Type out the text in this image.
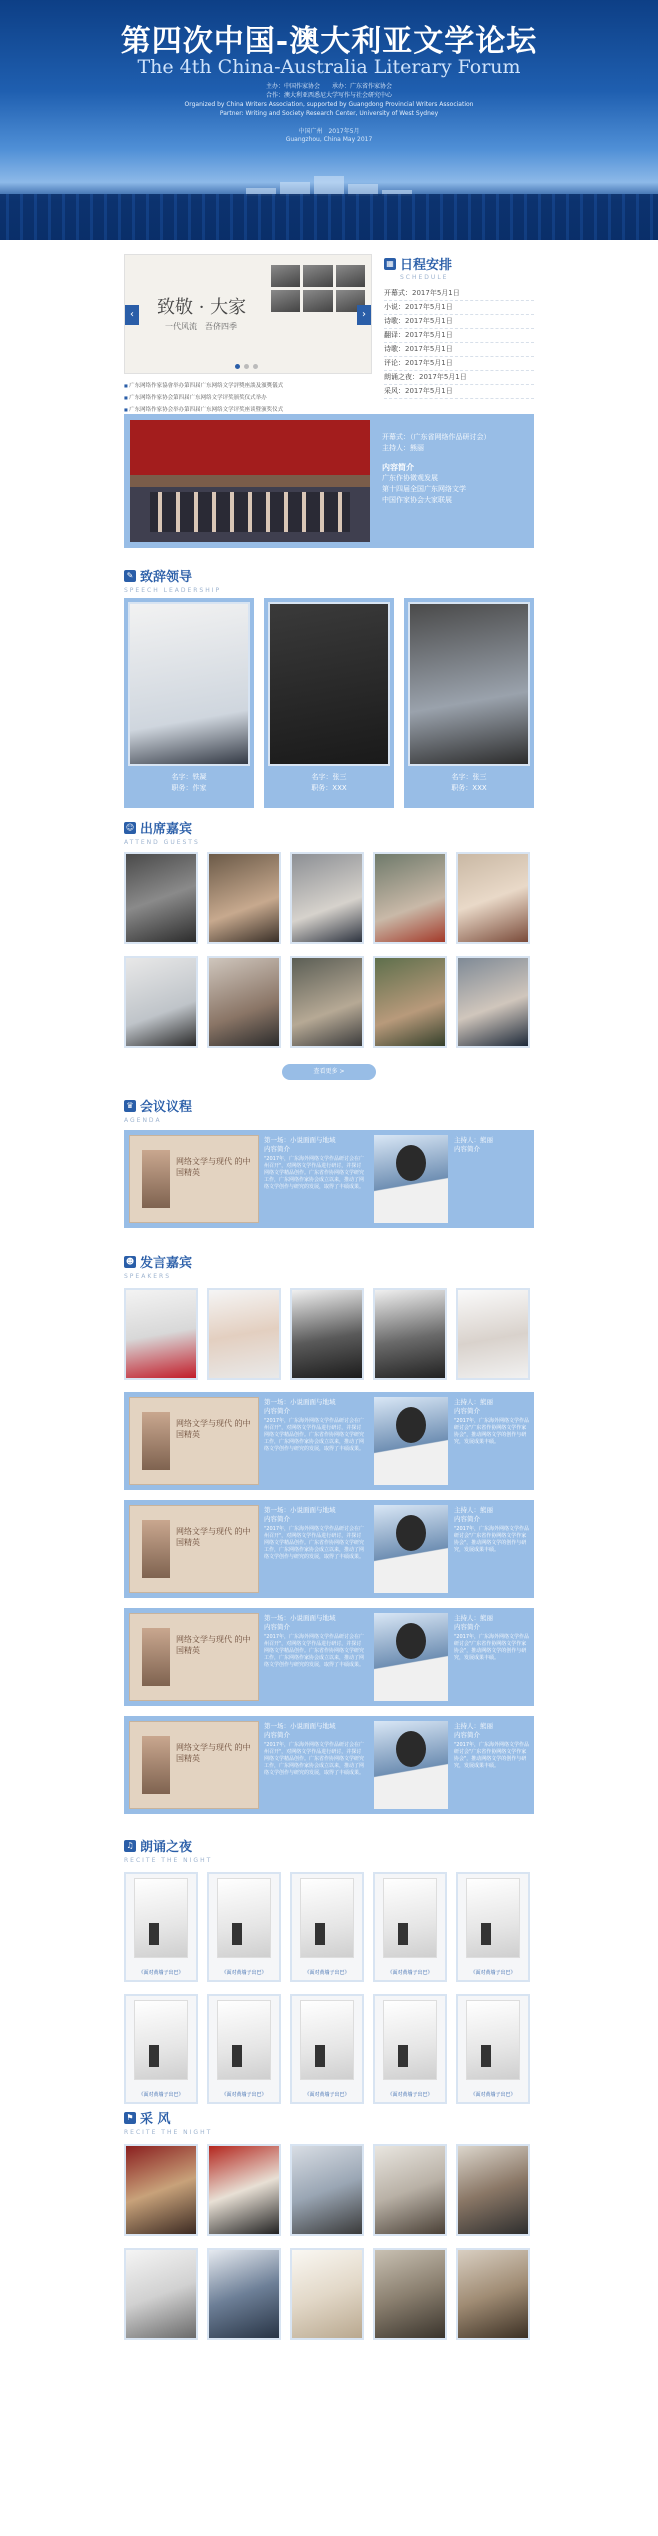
第四次中国-澳大利亚文学论坛
The 4th China-Australia Literary Forum
主办：中国作家协会　　承办：广东省作家协会
合作：澳大利亚西悉尼大学写作与社会研究中心
Organized by China Writers Association, supported by Guangdong Provincial Writers Association
Partner: Writing and Society Research Center, University of West Sydney
中国广州　2017年5月
Guangzhou, China May 2017
致敬 · 大家
一代风流　吾侪四季
‹	›
■ 广东网络作家協會举办第四届广东网络文学評獎座談及頒獎儀式
■ 广东网络作家协会第四届广东网络文学评奖颁奖仪式举办
■ 广东网络作家协会举办第四届广东网络文学评奖座谈暨颁奖仪式
▦ 日程安排
SCHEDULE
开幕式：2017年5月1日
小说：2017年5月1日
诗歌：2017年5月1日
翻译：2017年5月1日
诗歌：2017年5月1日
评论：2017年5月1日
朗诵之夜：2017年5月1日
采风：2017年5月1日
开幕式：（广东省网络作品研讨会）
主持人：熊丽
内容简介
广东作协微观发展
第十四届全国广东网络文学
中国作家协会大家联展
✎ 致辞领导
SPEECH LEADERSHIP
名字：铁凝
职务：作家
名字：张三
职务：XXX
名字：张三
职务：XXX
☺ 出席嘉宾
ATTEND GUESTS
查看更多 >
♛ 会议议程
AGENDA
网络文学与现代 的中国精英
第一场：小说面面与地域
内容简介
"2017年，广东海外网络文学作品研讨会在广州召开"，对网络文学作品进行研讨，并探讨网络文学精品创作。广东省作协网络文学研究工作，广东网络作家协会成立以来，推动了网络文学创作与研究的发展，取得了丰硕成果。
主持人：熊丽
内容简介
☻ 发言嘉宾
SPEAKERS
网络文学与现代 的中国精英
第一场：小说面面与地域
内容简介
"2017年，广东海外网络文学作品研讨会在广州召开"，对网络文学作品进行研讨，并探讨网络文学精品创作。广东省作协网络文学研究工作，广东网络作家协会成立以来，推动了网络文学创作与研究的发展，取得了丰硕成果。
主持人：熊丽
内容简介
"2017年，广东海外网络文学作品研讨会"广东省作协网络文学作家协会"，推动网络文学的创作与研究，发展成果丰硕。
网络文学与现代 的中国精英
第一场：小说面面与地域
内容简介
"2017年，广东海外网络文学作品研讨会在广州召开"，对网络文学作品进行研讨，并探讨网络文学精品创作。广东省作协网络文学研究工作，广东网络作家协会成立以来，推动了网络文学创作与研究的发展，取得了丰硕成果。
主持人：熊丽
内容简介
"2017年，广东海外网络文学作品研讨会"广东省作协网络文学作家协会"，推动网络文学的创作与研究，发展成果丰硕。
网络文学与现代 的中国精英
第一场：小说面面与地域
内容简介
"2017年，广东海外网络文学作品研讨会在广州召开"，对网络文学作品进行研讨，并探讨网络文学精品创作。广东省作协网络文学研究工作，广东网络作家协会成立以来，推动了网络文学创作与研究的发展，取得了丰硕成果。
主持人：熊丽
内容简介
"2017年，广东海外网络文学作品研讨会"广东省作协网络文学作家协会"，推动网络文学的创作与研究，发展成果丰硕。
网络文学与现代 的中国精英
第一场：小说面面与地域
内容简介
"2017年，广东海外网络文学作品研讨会在广州召开"，对网络文学作品进行研讨，并探讨网络文学精品创作。广东省作协网络文学研究工作，广东网络作家协会成立以来，推动了网络文学创作与研究的发展，取得了丰硕成果。
主持人：熊丽
内容简介
"2017年，广东海外网络文学作品研讨会"广东省作协网络文学作家协会"，推动网络文学的创作与研究，发展成果丰硕。
♫ 朗诵之夜
RECITE THE NIGHT
《面对黄墙子出巴》	《面对黄墙子出巴》	《面对黄墙子出巴》	《面对黄墙子出巴》	《面对黄墙子出巴》
《面对黄墙子出巴》	《面对黄墙子出巴》	《面对黄墙子出巴》	《面对黄墙子出巴》	《面对黄墙子出巴》
⚑ 采 风
RECITE THE NIGHT
